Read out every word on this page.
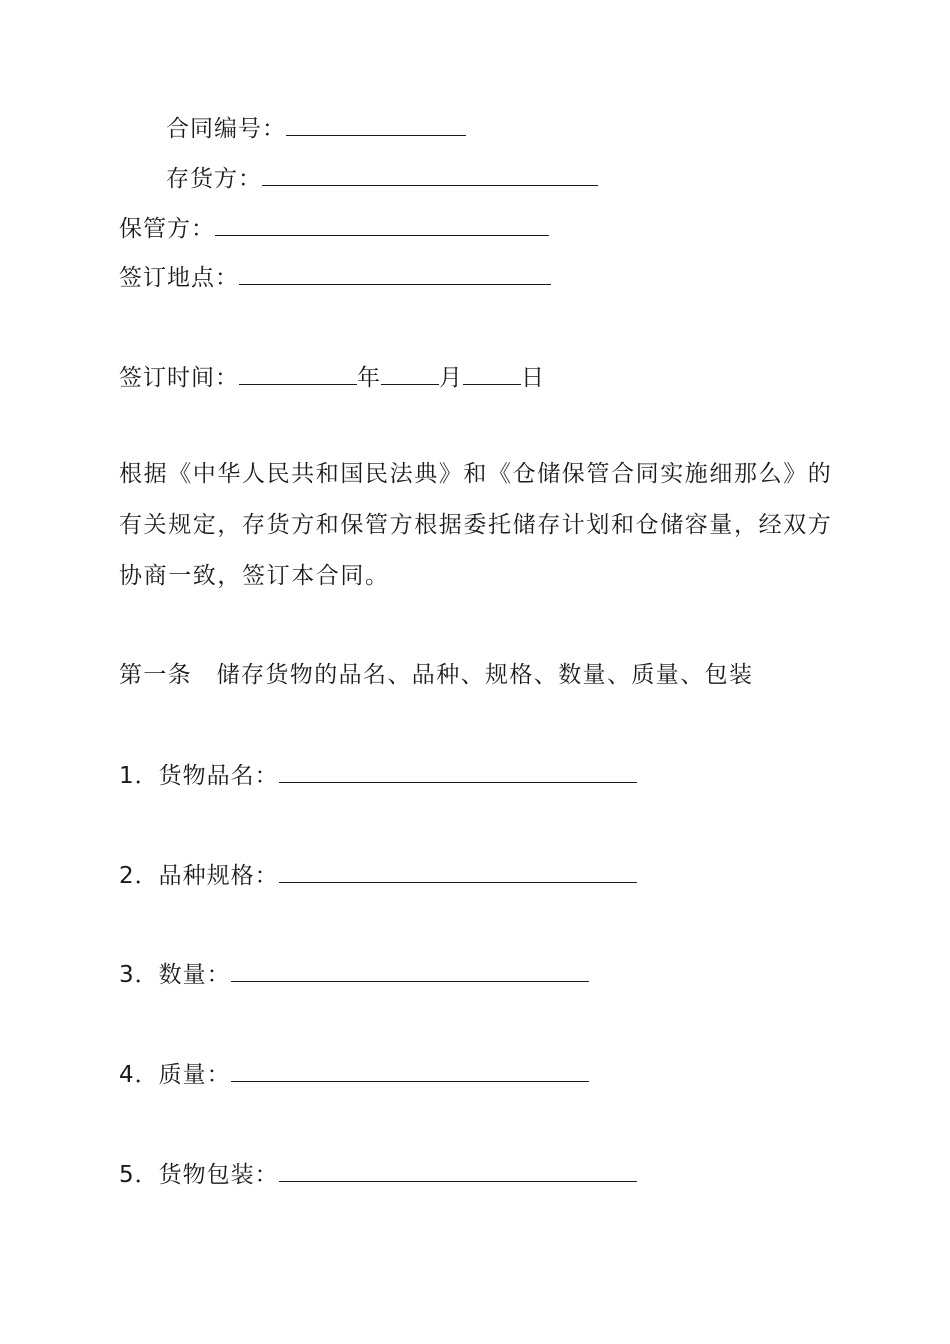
合同编号：
存货方：
保管方：
签订地点：
签订时间：	年	月	日

根据《中华人民共和国民法典》和《仓储保管合同实施细那么》的

有关规定，存货方和保管方根据委托储存计划和仓储容量，经双方

协商一致，签订本合同。

第一条　储存货物的品名、品种、规格、数量、质量、包装
1．货物品名：
2．品种规格：
3．数量：
4．质量：
5．货物包装：
